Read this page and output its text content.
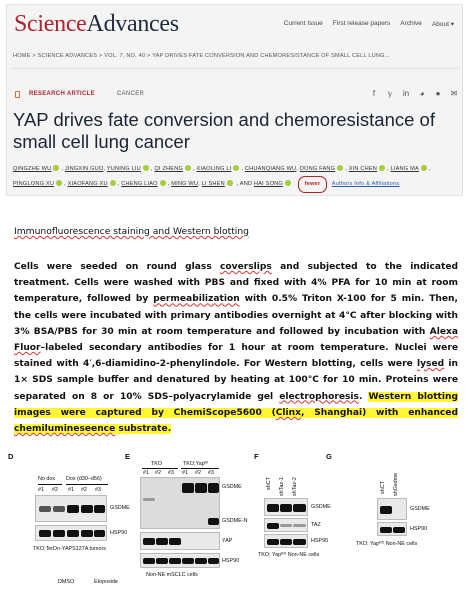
ScienceAdvances	Current Issue First release papers Archive About ▾
HOME > SCIENCE ADVANCES > VOL. 7, NO. 40 > YAP DRIVES FATE CONVERSION AND CHEMORESISTANCE OF SMALL CELL LUNG...
RESEARCH ARTICLE	CANCER	f	𝕪 in ◕ ● ✉
YAP drives fate conversion and chemoresistance of small cell lung cancer
QINGZHE WU , JINGXIN GUO, YUNING LIU , QI ZHENG , XIAOLING LI , CHUANQIANG WU, DONG FANG , XIN CHEN , LIANG MA , PINGLONG XU , XIAOFANG XU , CHENG LIAO , MING WU, LI SHEN , AND HAI SONG	fewer Authors Info & Affiliations
Immunofluorescence staining and Western blotting
Cells were seeded on round glass coverslips and subjected to the indicated treatment. Cells were washed with PBS and fixed with 4% PFA for 10 min at room temperature, followed by permeabilization with 0.5% Triton X-100 for 5 min. Then, the cells were incubated with primary antibodies overnight at 4°C after blocking with 3% BSA/PBS for 30 min at room temperature and followed by incubation with Alexa Fluor–labeled secondary antibodies for 1 hour at room temperature. Nuclei were stained with 4′,6-diamidino-2-phenylindole. For Western blotting, cells were lysed in 1× SDS sample buffer and denatured by heating at 100°C for 10 min. Proteins were separated on 8 or 10% SDS–polyacrylamide gel electrophoresis. Western blotting images were captured by ChemiScope5600 (Clinx, Shanghai) with enhanced chemilumineseence substrate.
D
No dox Dox (d30–d56)
#1 #2 #1 #2 #3
GSDME
HSP90
TKO;TetOn-YAPS127A tumors
DMSO	Etoposide
E
TKO	TKO;Yapᴷᴵ
#1 #2 #3 #1 #2 #3
GSDME
GSDME-N
YAP
HSP90
Non-NE mSCLC cells
F
shCT shTaz-1 shTaz-2
GSDME
TAZ
HSP90
TKO; Yapᴷᴼ Non-NE cells
G
shCT shGsdme
GSDME
HSP90
TKO; Yapᴷᴼ Non-NE cells
